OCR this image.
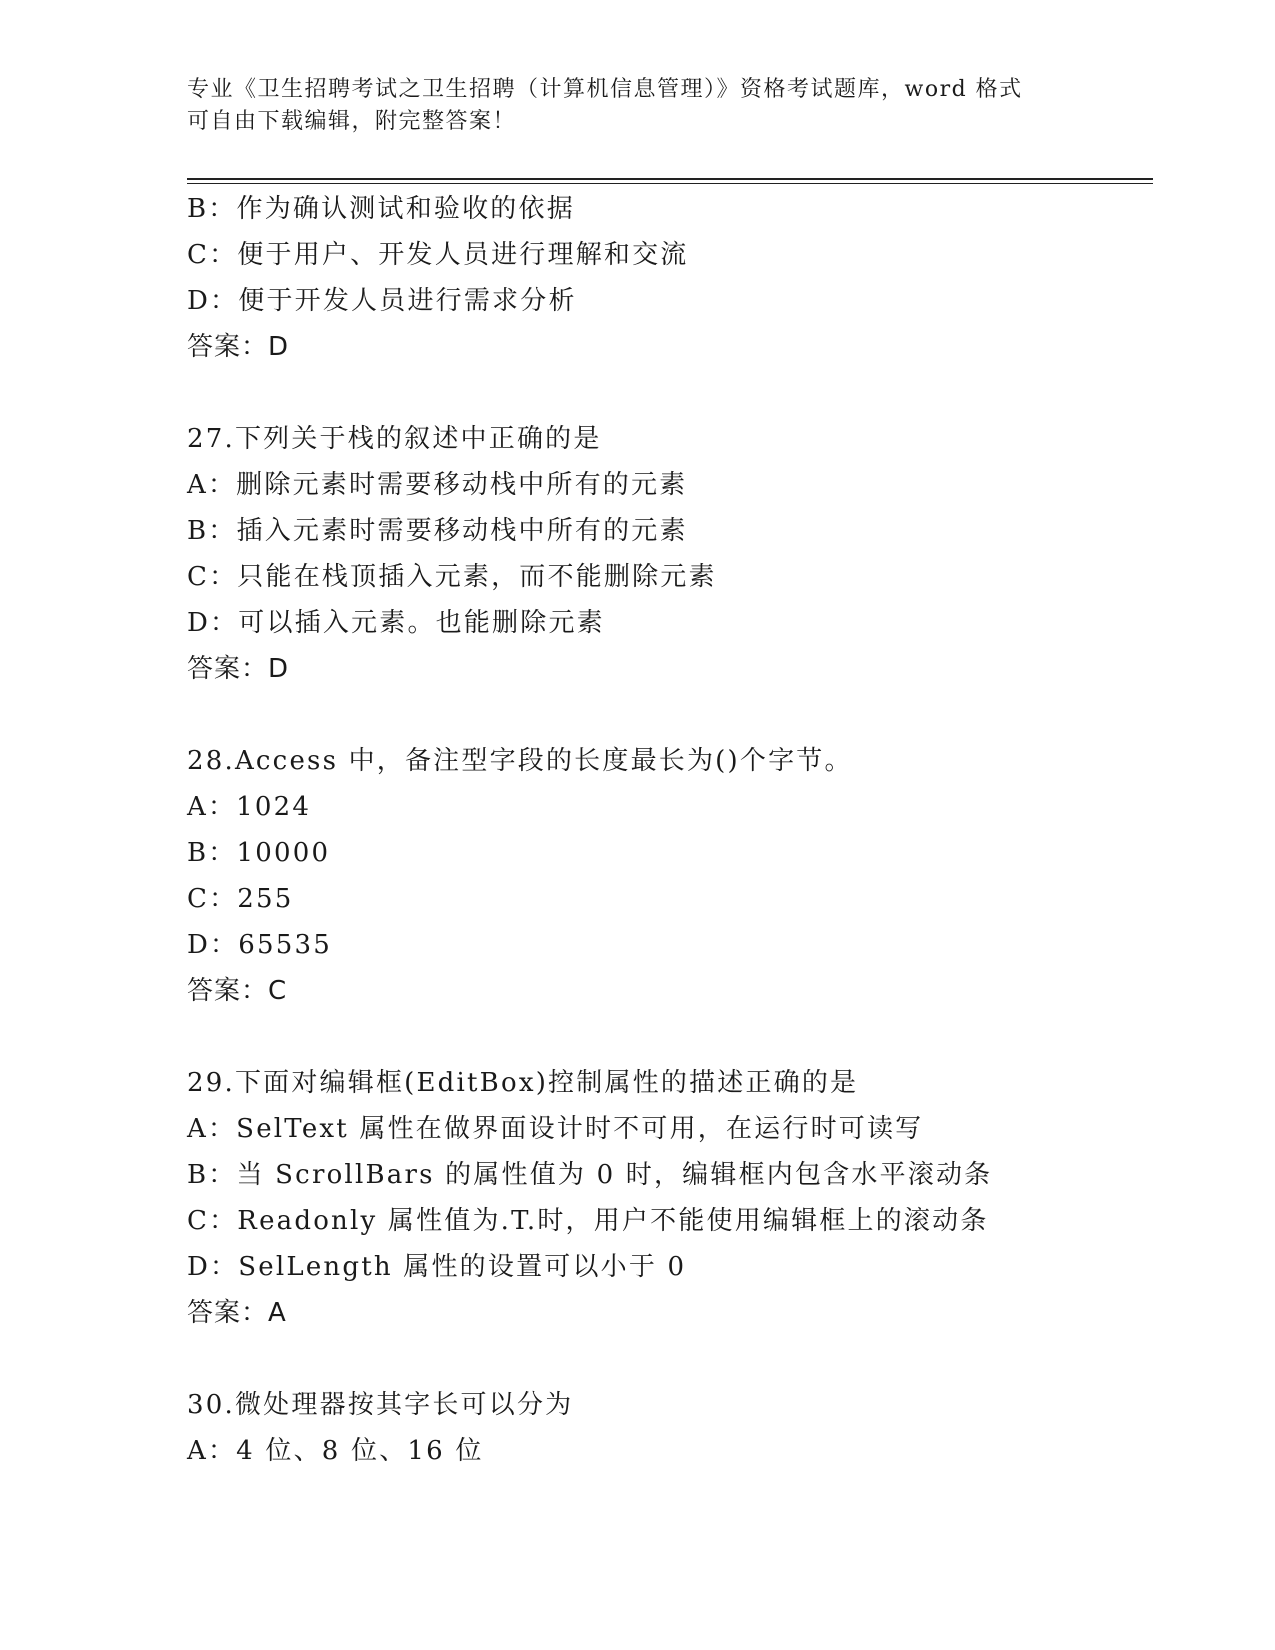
专业《卫生招聘考试之卫生招聘（计算机信息管理）》资格考试题库，word 格式
可自由下载编辑，附完整答案！
B：作为确认测试和验收的依据
C：便于用户、开发人员进行理解和交流
D：便于开发人员进行需求分析
答案：D
27.下列关于栈的叙述中正确的是
A：删除元素时需要移动栈中所有的元素
B：插入元素时需要移动栈中所有的元素
C：只能在栈顶插入元素，而不能删除元素
D：可以插入元素。也能删除元素
答案：D
28.Access 中，备注型字段的长度最长为()个字节。
A：1024
B：10000
C：255
D：65535
答案：C
29.下面对编辑框(EditBox)控制属性的描述正确的是
A：SelText 属性在做界面设计时不可用，在运行时可读写
B：当 ScrollBars 的属性值为 0 时，编辑框内包含水平滚动条
C：Readonly 属性值为.T.时，用户不能使用编辑框上的滚动条
D：SelLength 属性的设置可以小于 0
答案：A
30.微处理器按其字长可以分为
A：4 位、8 位、16 位
